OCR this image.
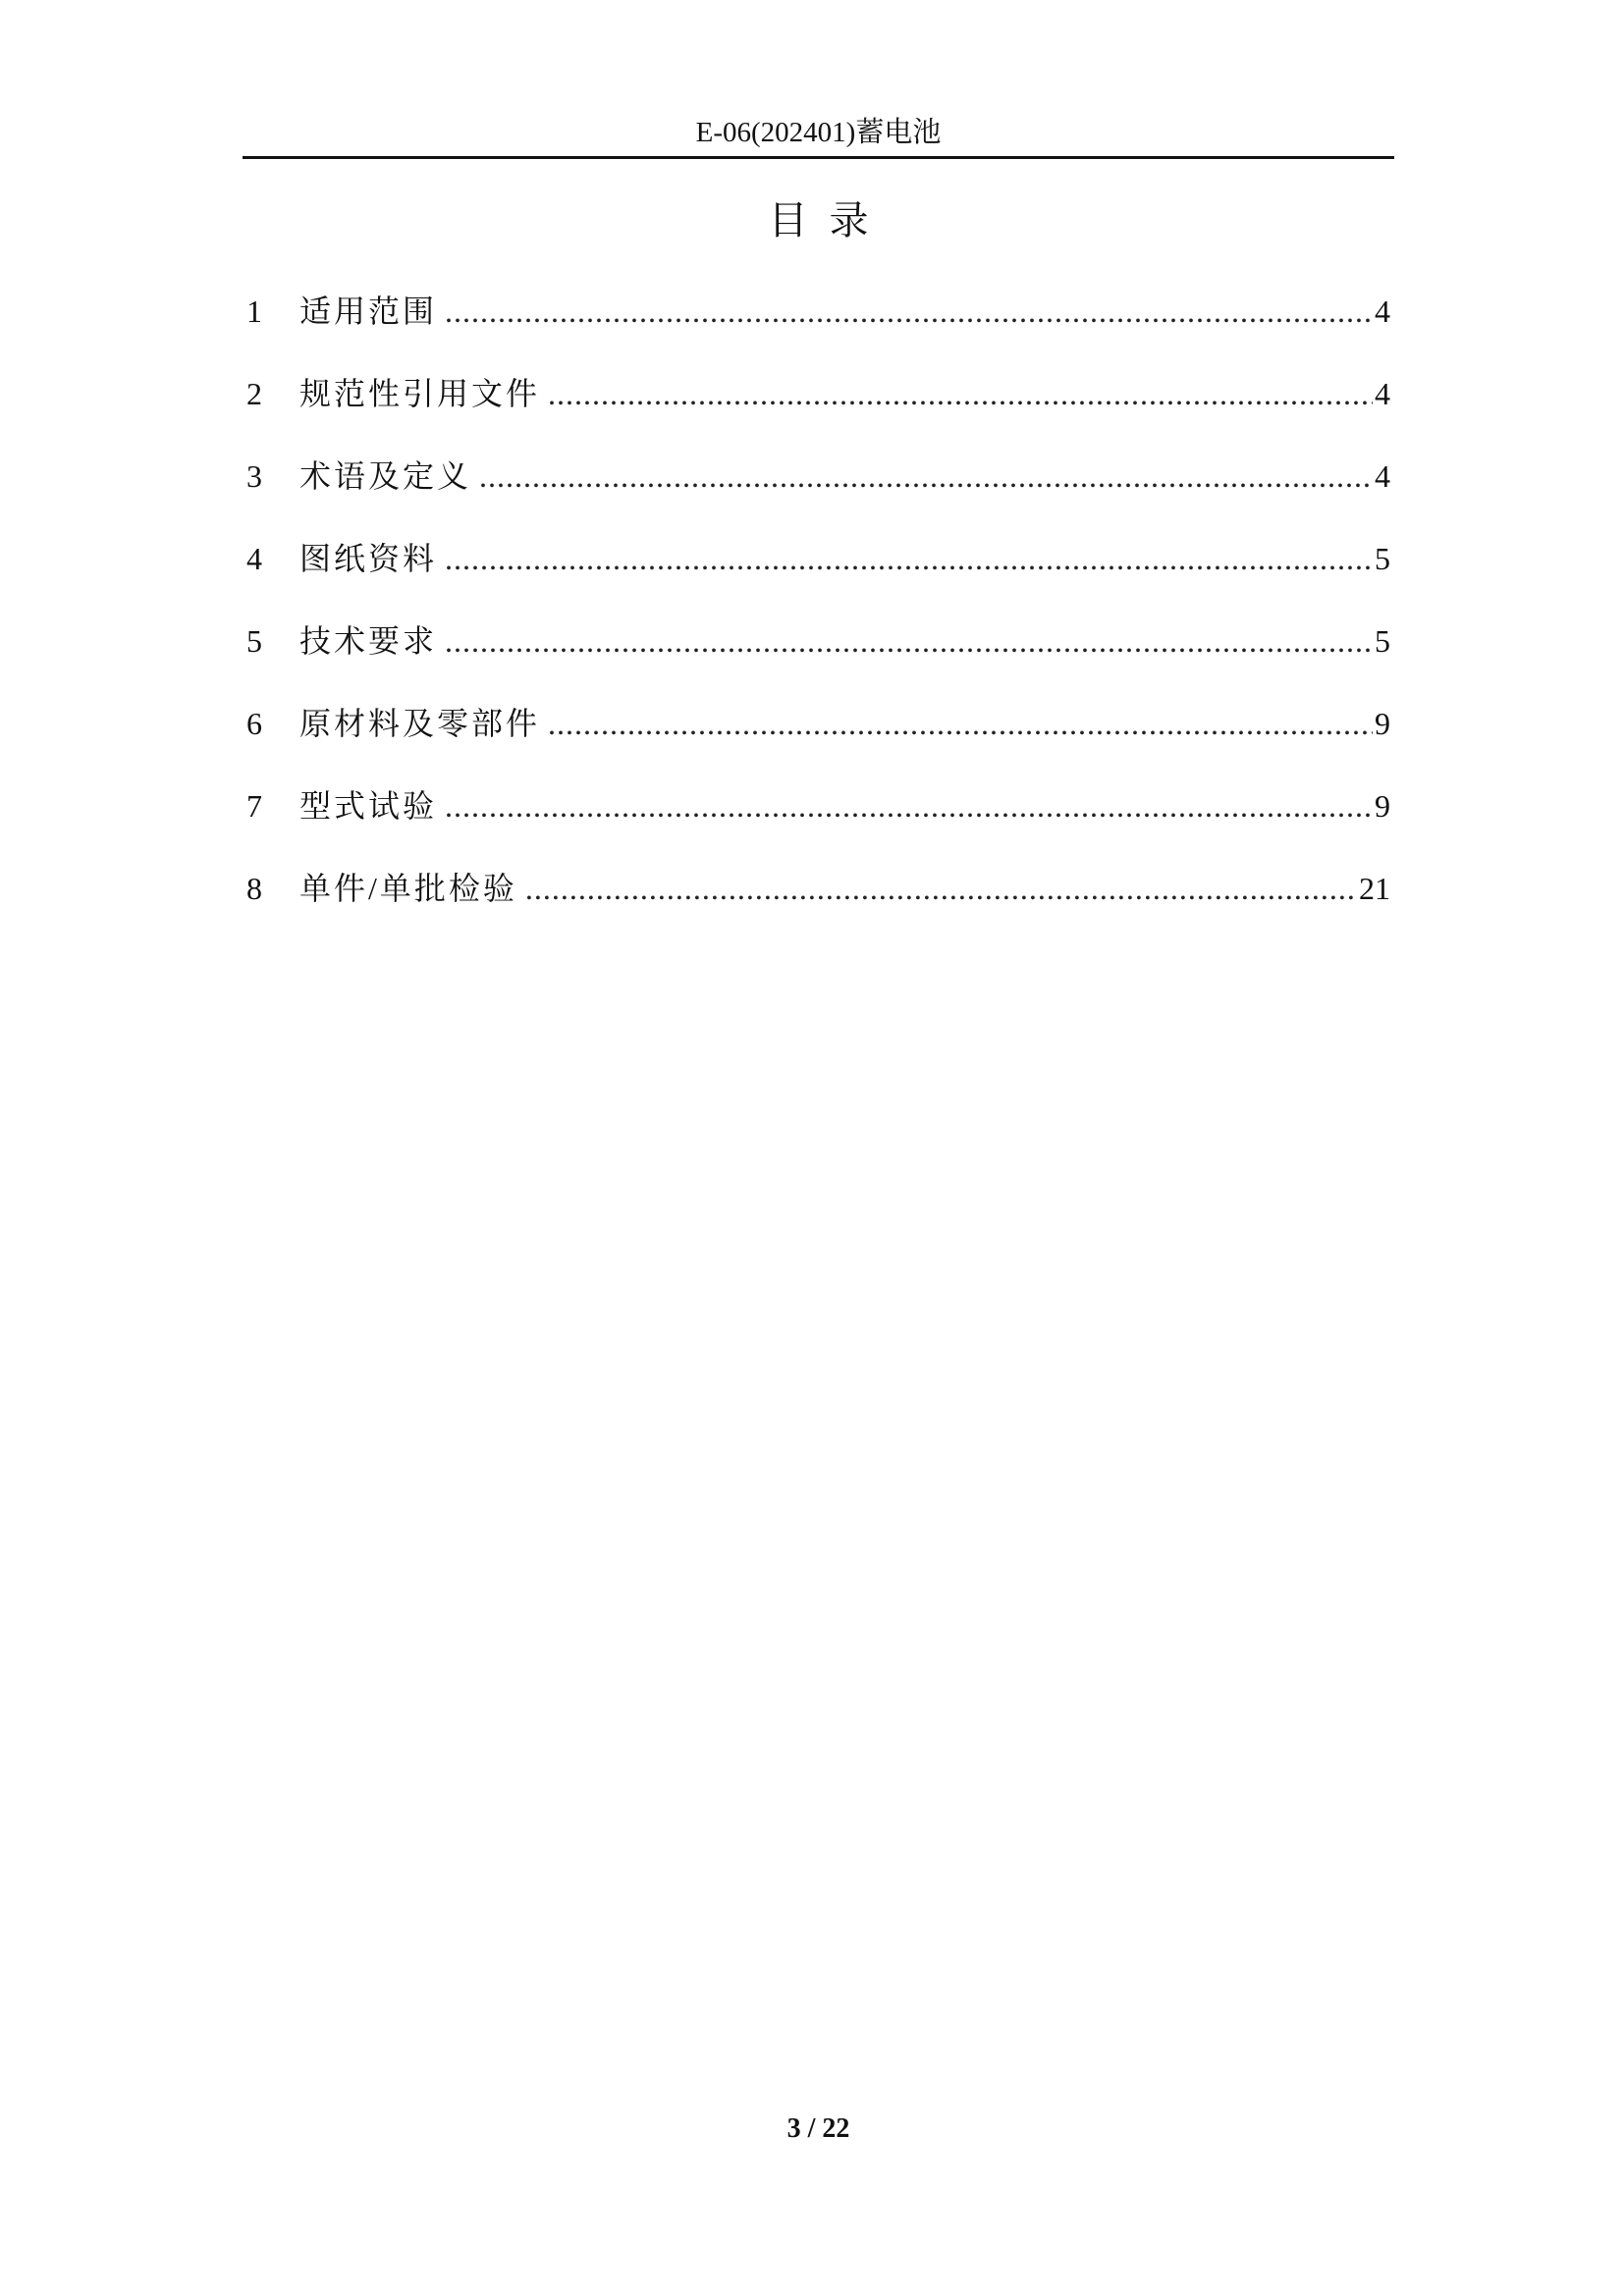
E-06(202401)蓄电池
目录
1	适用范围 .....	4
2	规范性引用文件 .....	4
3	术语及定义 .....	4
4	图纸资料 .....	5
5	技术要求 .....	5
6	原材料及零部件 .....	9
7	型式试验 .....	9
8	单件/单批检验 .....	21
3 / 22
